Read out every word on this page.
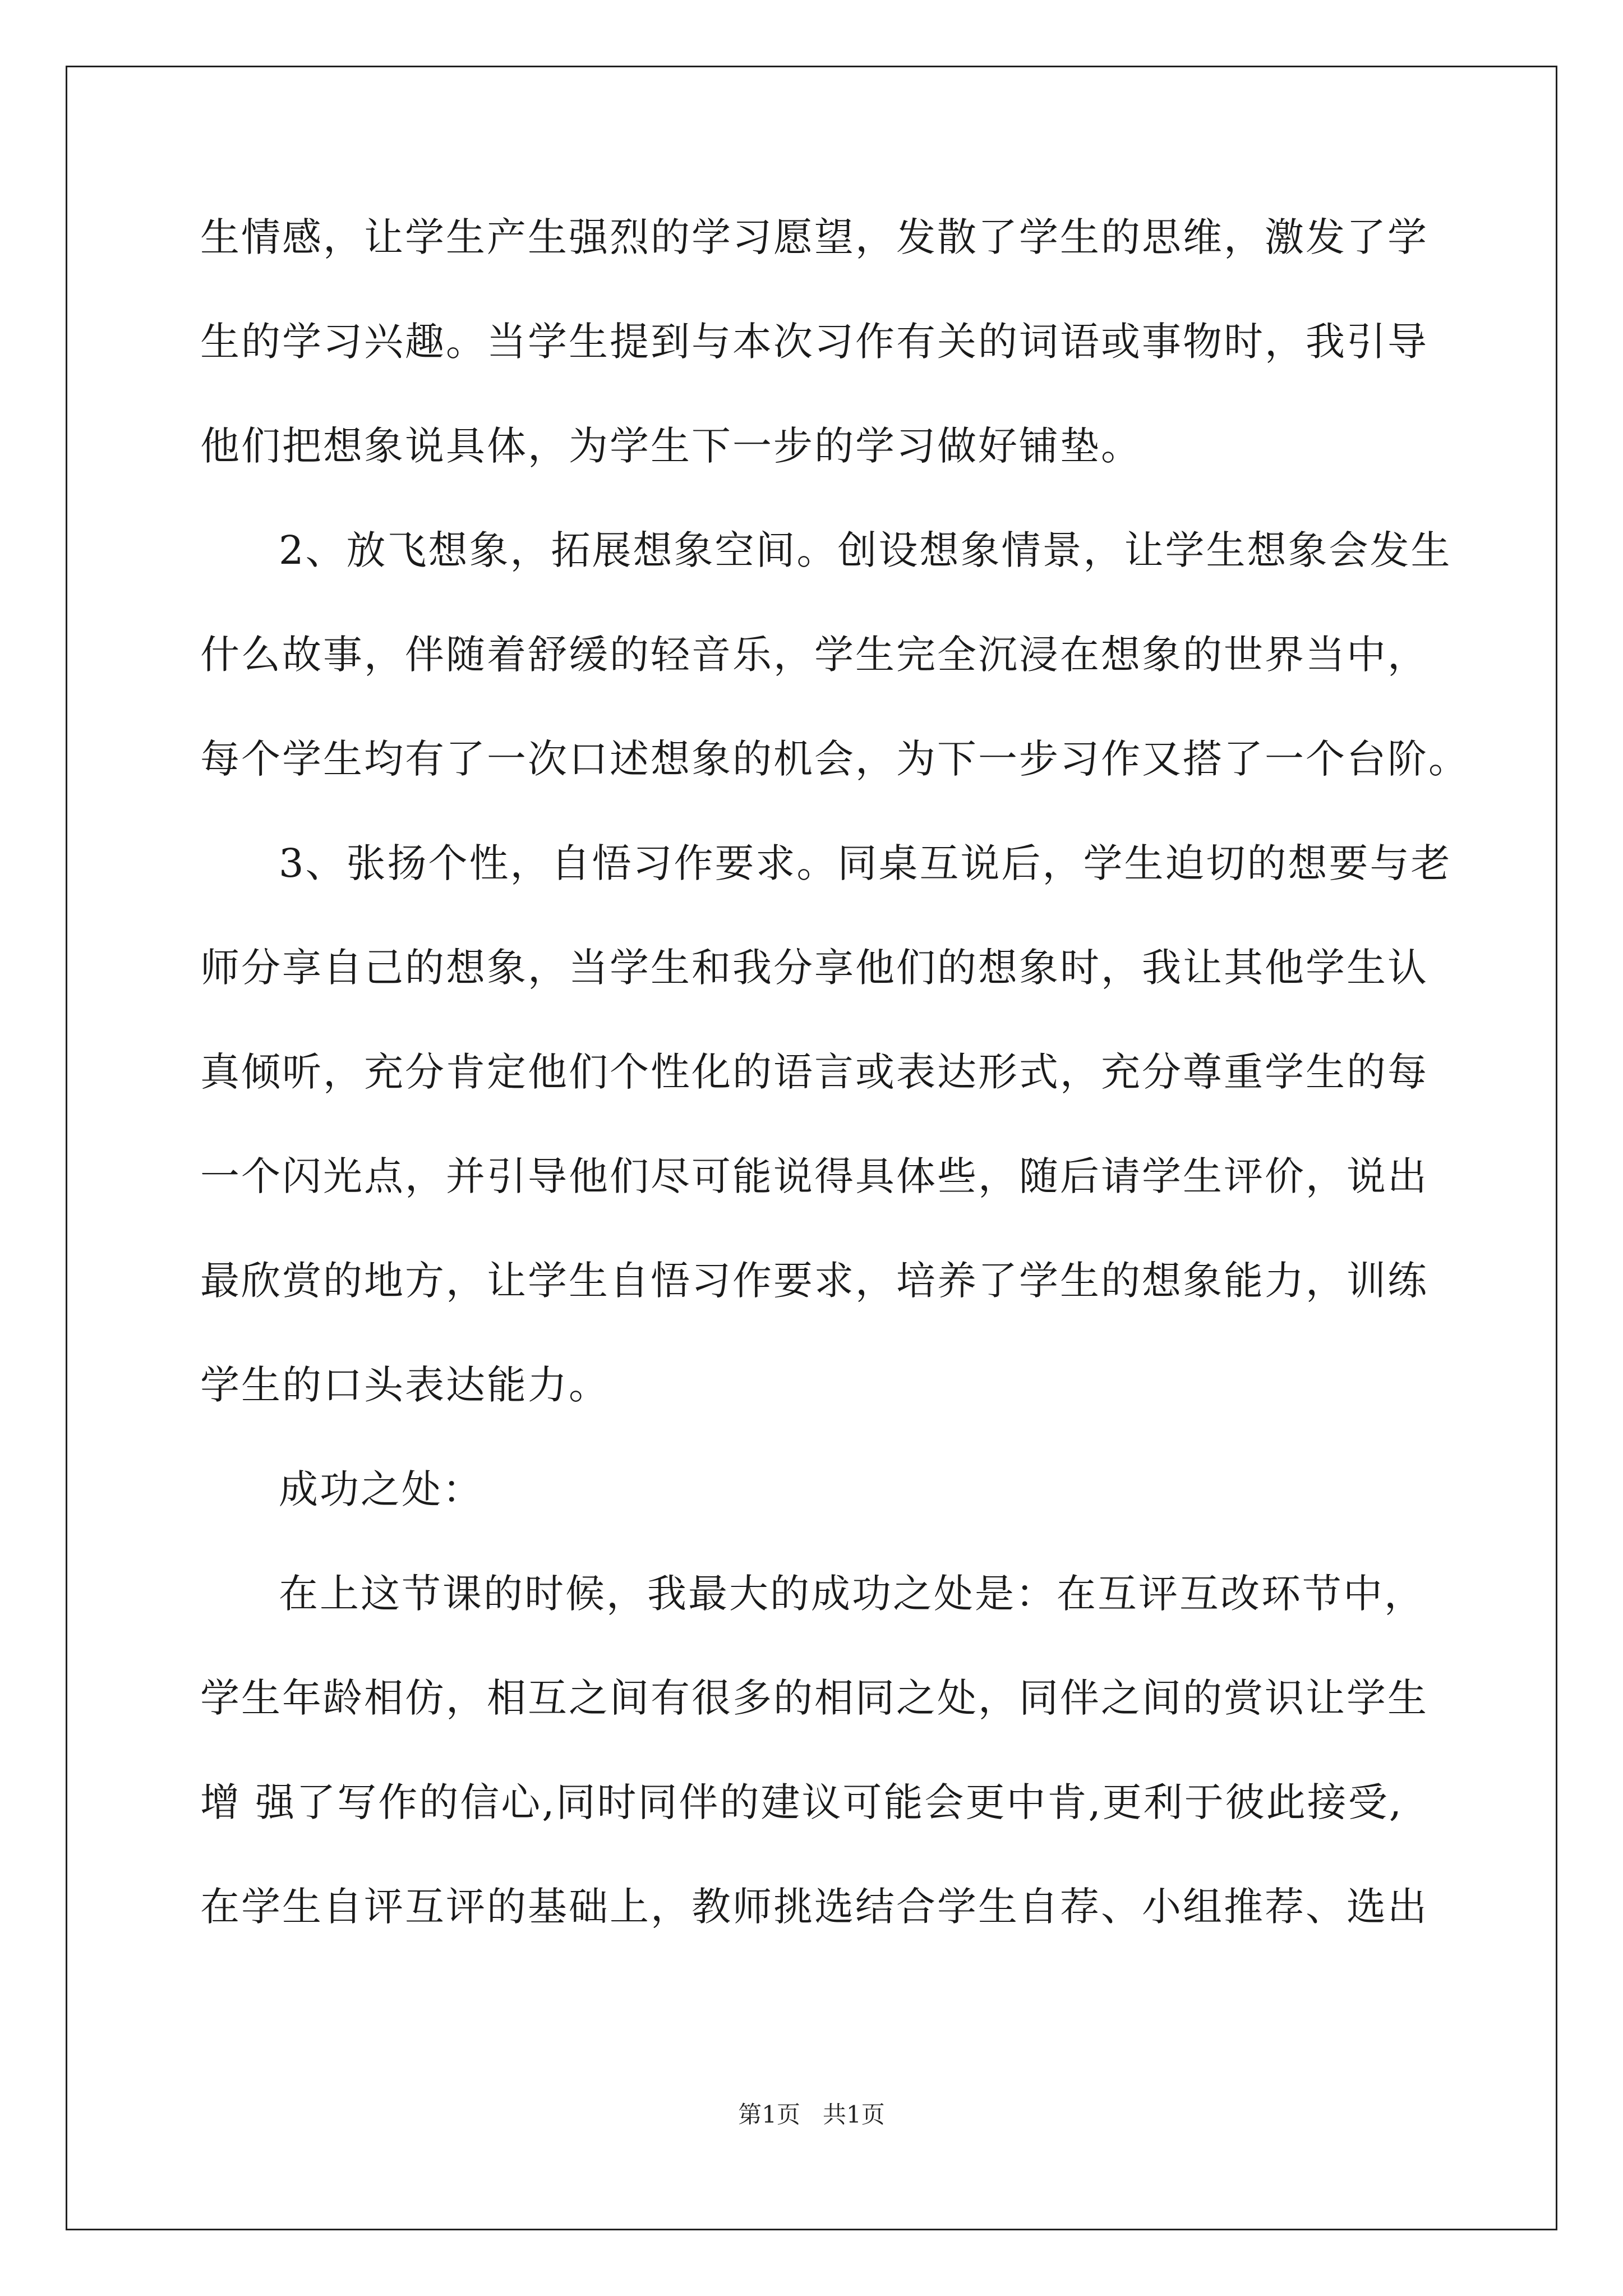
生情感，让学生产生强烈的学习愿望，发散了学生的思维，激发了学
生的学习兴趣。当学生提到与本次习作有关的词语或事物时，我引导
他们把想象说具体，为学生下一步的学习做好铺垫。
2、放飞想象，拓展想象空间。创设想象情景，让学生想象会发生
什么故事，伴随着舒缓的轻音乐，学生完全沉浸在想象的世界当中，
每个学生均有了一次口述想象的机会，为下一步习作又搭了一个台阶。
3、张扬个性，自悟习作要求。同桌互说后，学生迫切的想要与老
师分享自己的想象，当学生和我分享他们的想象时，我让其他学生认
真倾听，充分肯定他们个性化的语言或表达形式，充分尊重学生的每
一个闪光点，并引导他们尽可能说得具体些，随后请学生评价，说出
最欣赏的地方，让学生自悟习作要求，培养了学生的想象能力，训练
学生的口头表达能力。
成功之处：
在上这节课的时候，我最大的成功之处是：在互评互改环节中，
学生年龄相仿，相互之间有很多的相同之处，同伴之间的赏识让学生
增 强了写作的信心,同时同伴的建议可能会更中肯,更利于彼此接受,
在学生自评互评的基础上，教师挑选结合学生自荐、小组推荐、选出
第1页   共1页
